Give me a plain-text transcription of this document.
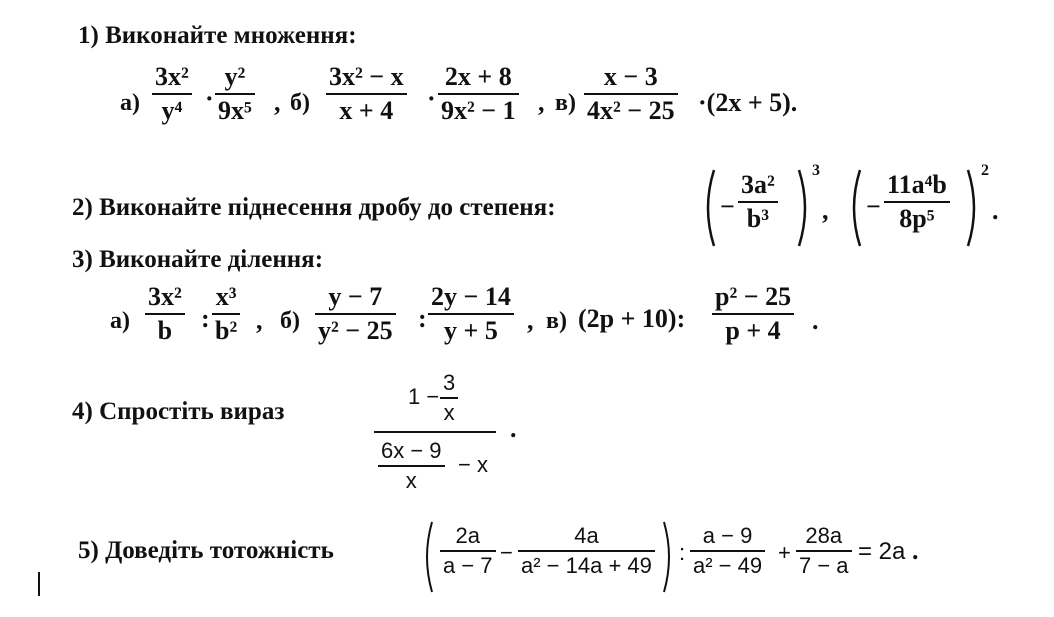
1) Виконайте множення:
а)
3x²
y⁴ ·
y²
9x⁵ , б)
3x² − x
x + 4 ·
2x + 8
9x² − 1 , в)
x − 3
4x² − 25 ·(2x + 5).
2) Виконайте піднесення дробу до степеня:	−
3a²
b³
3
, −
11a⁴b
8p⁵
2
.
3) Виконайте ділення:
а)
3x²
b :
x³
b² , б)
y − 7
y² − 25 :
2y − 14
y + 5 , в) (2p + 10):
p² − 25
p + 4 .
4) Спростіть вираз
1 −
3
x
6x − 9
x
− x
.
5) Доведіть тотожність
2a
a − 7 −
4a
a² − 14a + 49 :
a − 9
a² − 49 +
28a
7 − a = 2a .
